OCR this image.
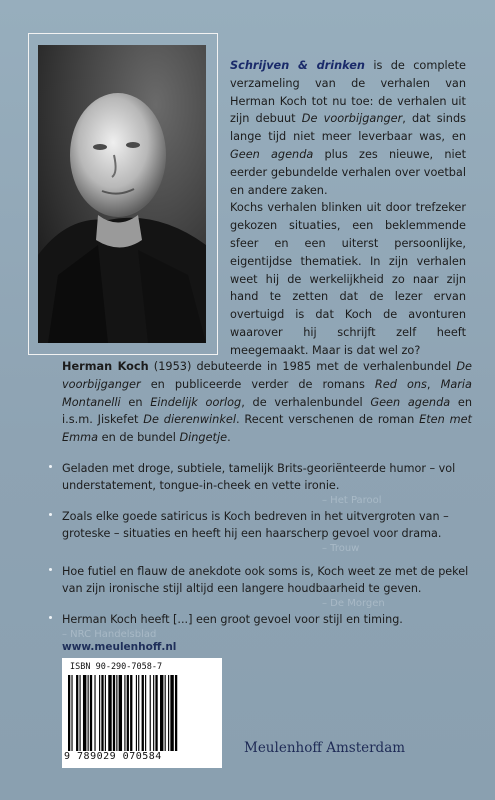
Schrijven & drinken is de complete verzameling van de verhalen van Herman Koch tot nu toe: de verhalen uit zijn debuut De voorbijganger, dat sinds lange tijd niet meer leverbaar was, en Geen agenda plus zes nieuwe, niet eerder gebundelde verhalen over voetbal en andere zaken.

Kochs verhalen blinken uit door trefzeker gekozen situaties, een beklemmende sfeer en een uiterst persoonlijke, eigentijdse thematiek. In zijn verhalen weet hij de werkelijkheid zo naar zijn hand te zetten dat de lezer ervan overtuigd is dat Koch de avonturen waarover hij schrijft zelf heeft meegemaakt. Maar is dat wel zo?

Herman Koch (1953) debuteerde in 1985 met de verhalenbundel De voorbijganger en publiceerde verder de romans Red ons, Maria Montanelli en Eindelijk oorlog, de verhalenbundel Geen agenda en i.s.m. Jiskefet De dierenwinkel. Recent verschenen de roman Eten met Emma en de bundel Dingetje.
Geladen met droge, subtiele, tamelijk Brits-georiënteerde humor – vol understatement, tongue-in-cheek en vette ironie.
– Het Parool
Zoals elke goede satiricus is Koch bedreven in het uitvergroten van – groteske – situaties en heeft hij een haarscherp gevoel voor drama.
– Trouw
Hoe futiel en flauw de anekdote ook soms is, Koch weet ze met de pekel van zijn ironische stijl altijd een langere houdbaarheid te geven.
– De Morgen
Herman Koch heeft [...] een groot gevoel voor stijl en timing.
– NRC Handelsblad
www.meulenhoff.nl
ISBN 90-290-7058-7
9 789029 070584
Meulenhoff Amsterdam
